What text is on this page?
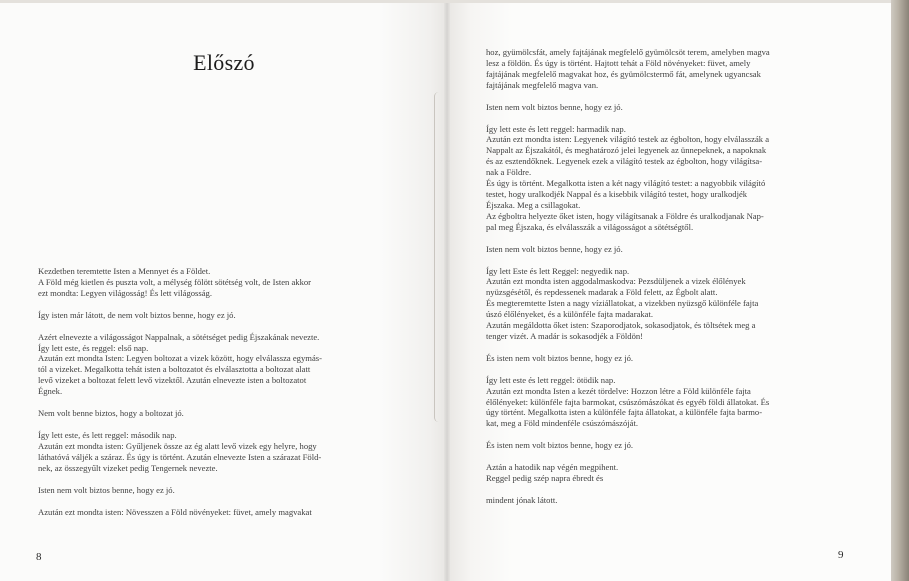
Előszó

Kezdetben teremtette Isten a Mennyet és a Földet.
A Föld még kietlen és puszta volt, a mélység fölött sötétség volt, de Isten akkor
ezt mondta: Legyen világosság! És lett világosság.

Így isten már látott, de nem volt biztos benne, hogy ez jó.

Azért elnevezte a világosságot Nappalnak, a sötétséget pedig Éjszakának nevezte.
Így lett este, és reggel: első nap.
Azután ezt mondta Isten: Legyen boltozat a vizek között, hogy elválassza egymás-
tól a vizeket. Megalkotta tehát isten a boltozatot és elválasztotta a boltozat alatt
levő vizeket a boltozat felett levő vizektől. Azután elnevezte isten a boltozatot
Égnek.

Nem volt benne biztos, hogy a boltozat jó.

Így lett este, és lett reggel: második nap.
Azután ezt mondta isten: Gyűljenek össze az ég alatt levő vizek egy helyre, hogy
láthatóvá váljék a száraz. És úgy is történt. Azután elnevezte Isten a szárazat Föld-
nek, az összegyűlt vizeket pedig Tengernek nevezte.

Isten nem volt biztos benne, hogy ez jó.

Azután ezt mondta isten: Növesszen a Föld növényeket: füvet, amely magvakat

hoz, gyümölcsfát, amely fajtájának megfelelő gyümölcsöt terem, amelyben magva
lesz a földön. És úgy is történt. Hajtott tehát a Föld növényeket: füvet, amely
fajtájának megfelelő magvakat hoz, és gyümölcstermő fát, amelynek ugyancsak
fajtájának megfelelő magva van.

Isten nem volt biztos benne, hogy ez jó.

Így lett este és lett reggel: harmadik nap.
Azután ezt mondta isten: Legyenek világító testek az égbolton, hogy elválasszák a
Nappalt az Éjszakától, és meghatározó jelei legyenek az ünnepeknek, a napoknak
és az esztendőknek. Legyenek ezek a világító testek az égbolton, hogy világítsa-
nak a Földre.
És úgy is történt. Megalkotta isten a két nagy világító testet: a nagyobbik világító
testet, hogy uralkodjék Nappal és a kisebbik világító testet, hogy uralkodjék
Éjszaka. Meg a csillagokat.
Az égboltra helyezte őket isten, hogy világítsanak a Földre és uralkodjanak Nap-
pal meg Éjszaka, és elválasszák a világosságot a sötétségtől.

Isten nem volt biztos benne, hogy ez jó.

Így lett Este és lett Reggel: negyedik nap.
Azután ezt mondta isten aggodalmaskodva: Pezsdüljenek a vizek élőlények
nyüzsgésétől, és repdessenek madarak a Föld felett, az Égbolt alatt.
És megteremtette Isten a nagy víziállatokat, a vizekben nyüzsgő különféle fajta
úszó élőlényeket, és a különféle fajta madarakat.
Azután megáldotta őket isten: Szaporodjatok, sokasodjatok, és töltsétek meg a
tenger vizét. A madár is sokasodjék a Földön!

És isten nem volt biztos benne, hogy ez jó.

Így lett este és lett reggel: ötödik nap.
Azután ezt mondta Isten a kezét tördelve: Hozzon létre a Föld különféle fajta
élőlényeket: különféle fajta barmokat, csúszómászókat és egyéb földi állatokat. És
úgy történt. Megalkotta isten a különféle fajta állatokat, a különféle fajta barmo-
kat, meg a Föld mindenféle csúszómászóját.

És isten nem volt biztos benne, hogy ez jó.

Aztán a hatodik nap végén megpihent.
Reggel pedig szép napra ébredt és

mindent jónak látott.

8	9
